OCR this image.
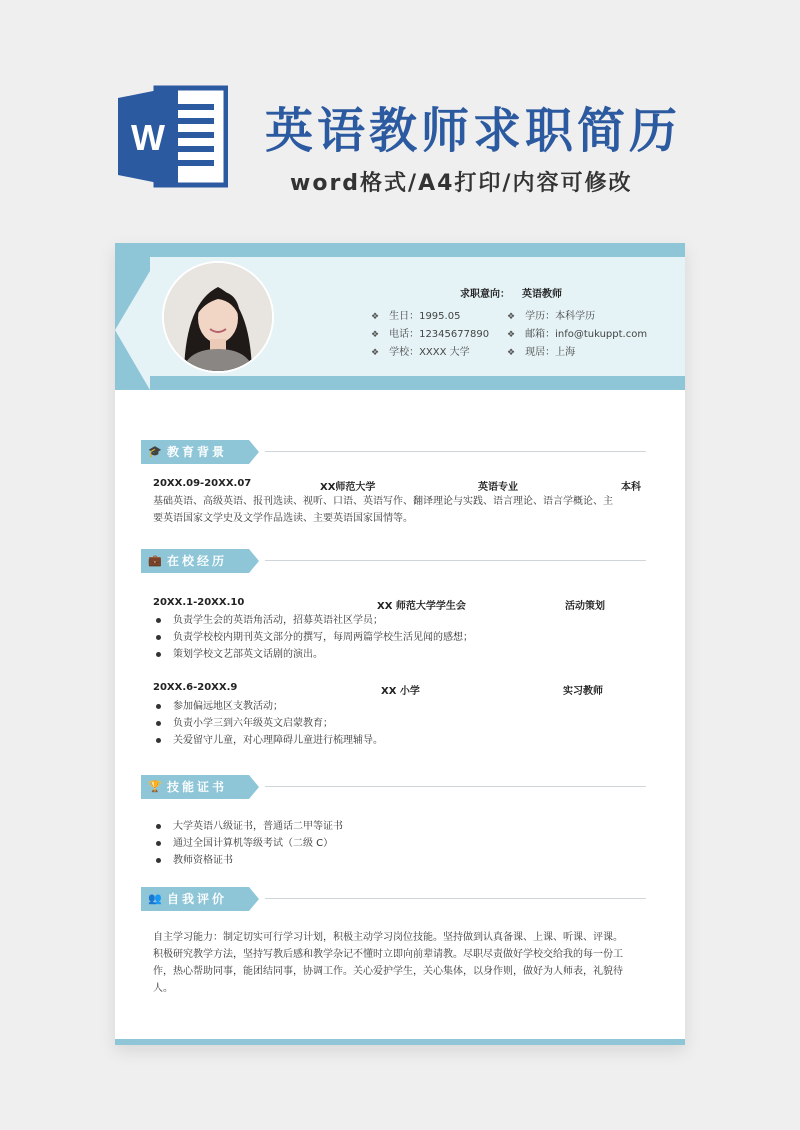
W 英语教师求职简历

word格式/A4打印/内容可修改

求职意向： 英语教师
❖ 生日：1995.05	❖ 学历：本科学历
❖ 电话：12345677890 ❖ 邮箱：info@tukuppt.com
❖ 学校：XXXX 大学	❖ 现居：上海
🎓 教育背景
20XX.09-20XX.07	XX师范大学	英语专业	本科
基础英语、高级英语、报刊选读、视听、口语、英语写作、翻译理论与实践、语言理论、语言学概论、主
要英语国家文学史及文学作品选读、主要英语国家国情等。
💼 在校经历
20XX.1-20XX.10	XX 师范大学学生会	活动策划
负责学生会的英语角活动，招募英语社区学员；
负责学校校内期刊英文部分的撰写，每周两篇学校生活见闻的感想；
策划学校文艺部英文话剧的演出。
20XX.6-20XX.9	XX 小学	实习教师
参加偏远地区支教活动；
负责小学三到六年级英文启蒙教育；
关爱留守儿童，对心理障碍儿童进行梳理辅导。
🏆 技能证书
大学英语八级证书，普通话二甲等证书
通过全国计算机等级考试（二级 C）
教师资格证书
👥 自我评价
自主学习能力：制定切实可行学习计划，积极主动学习岗位技能。坚持做到认真备课、上课、听课、评课。
积极研究教学方法，坚持写教后感和教学杂记不懂时立即向前辈请教。尽职尽责做好学校交给我的每一份工
作，热心帮助同事，能团结同事，协调工作。关心爱护学生，关心集体，以身作则，做好为人师表，礼貌待
人。
